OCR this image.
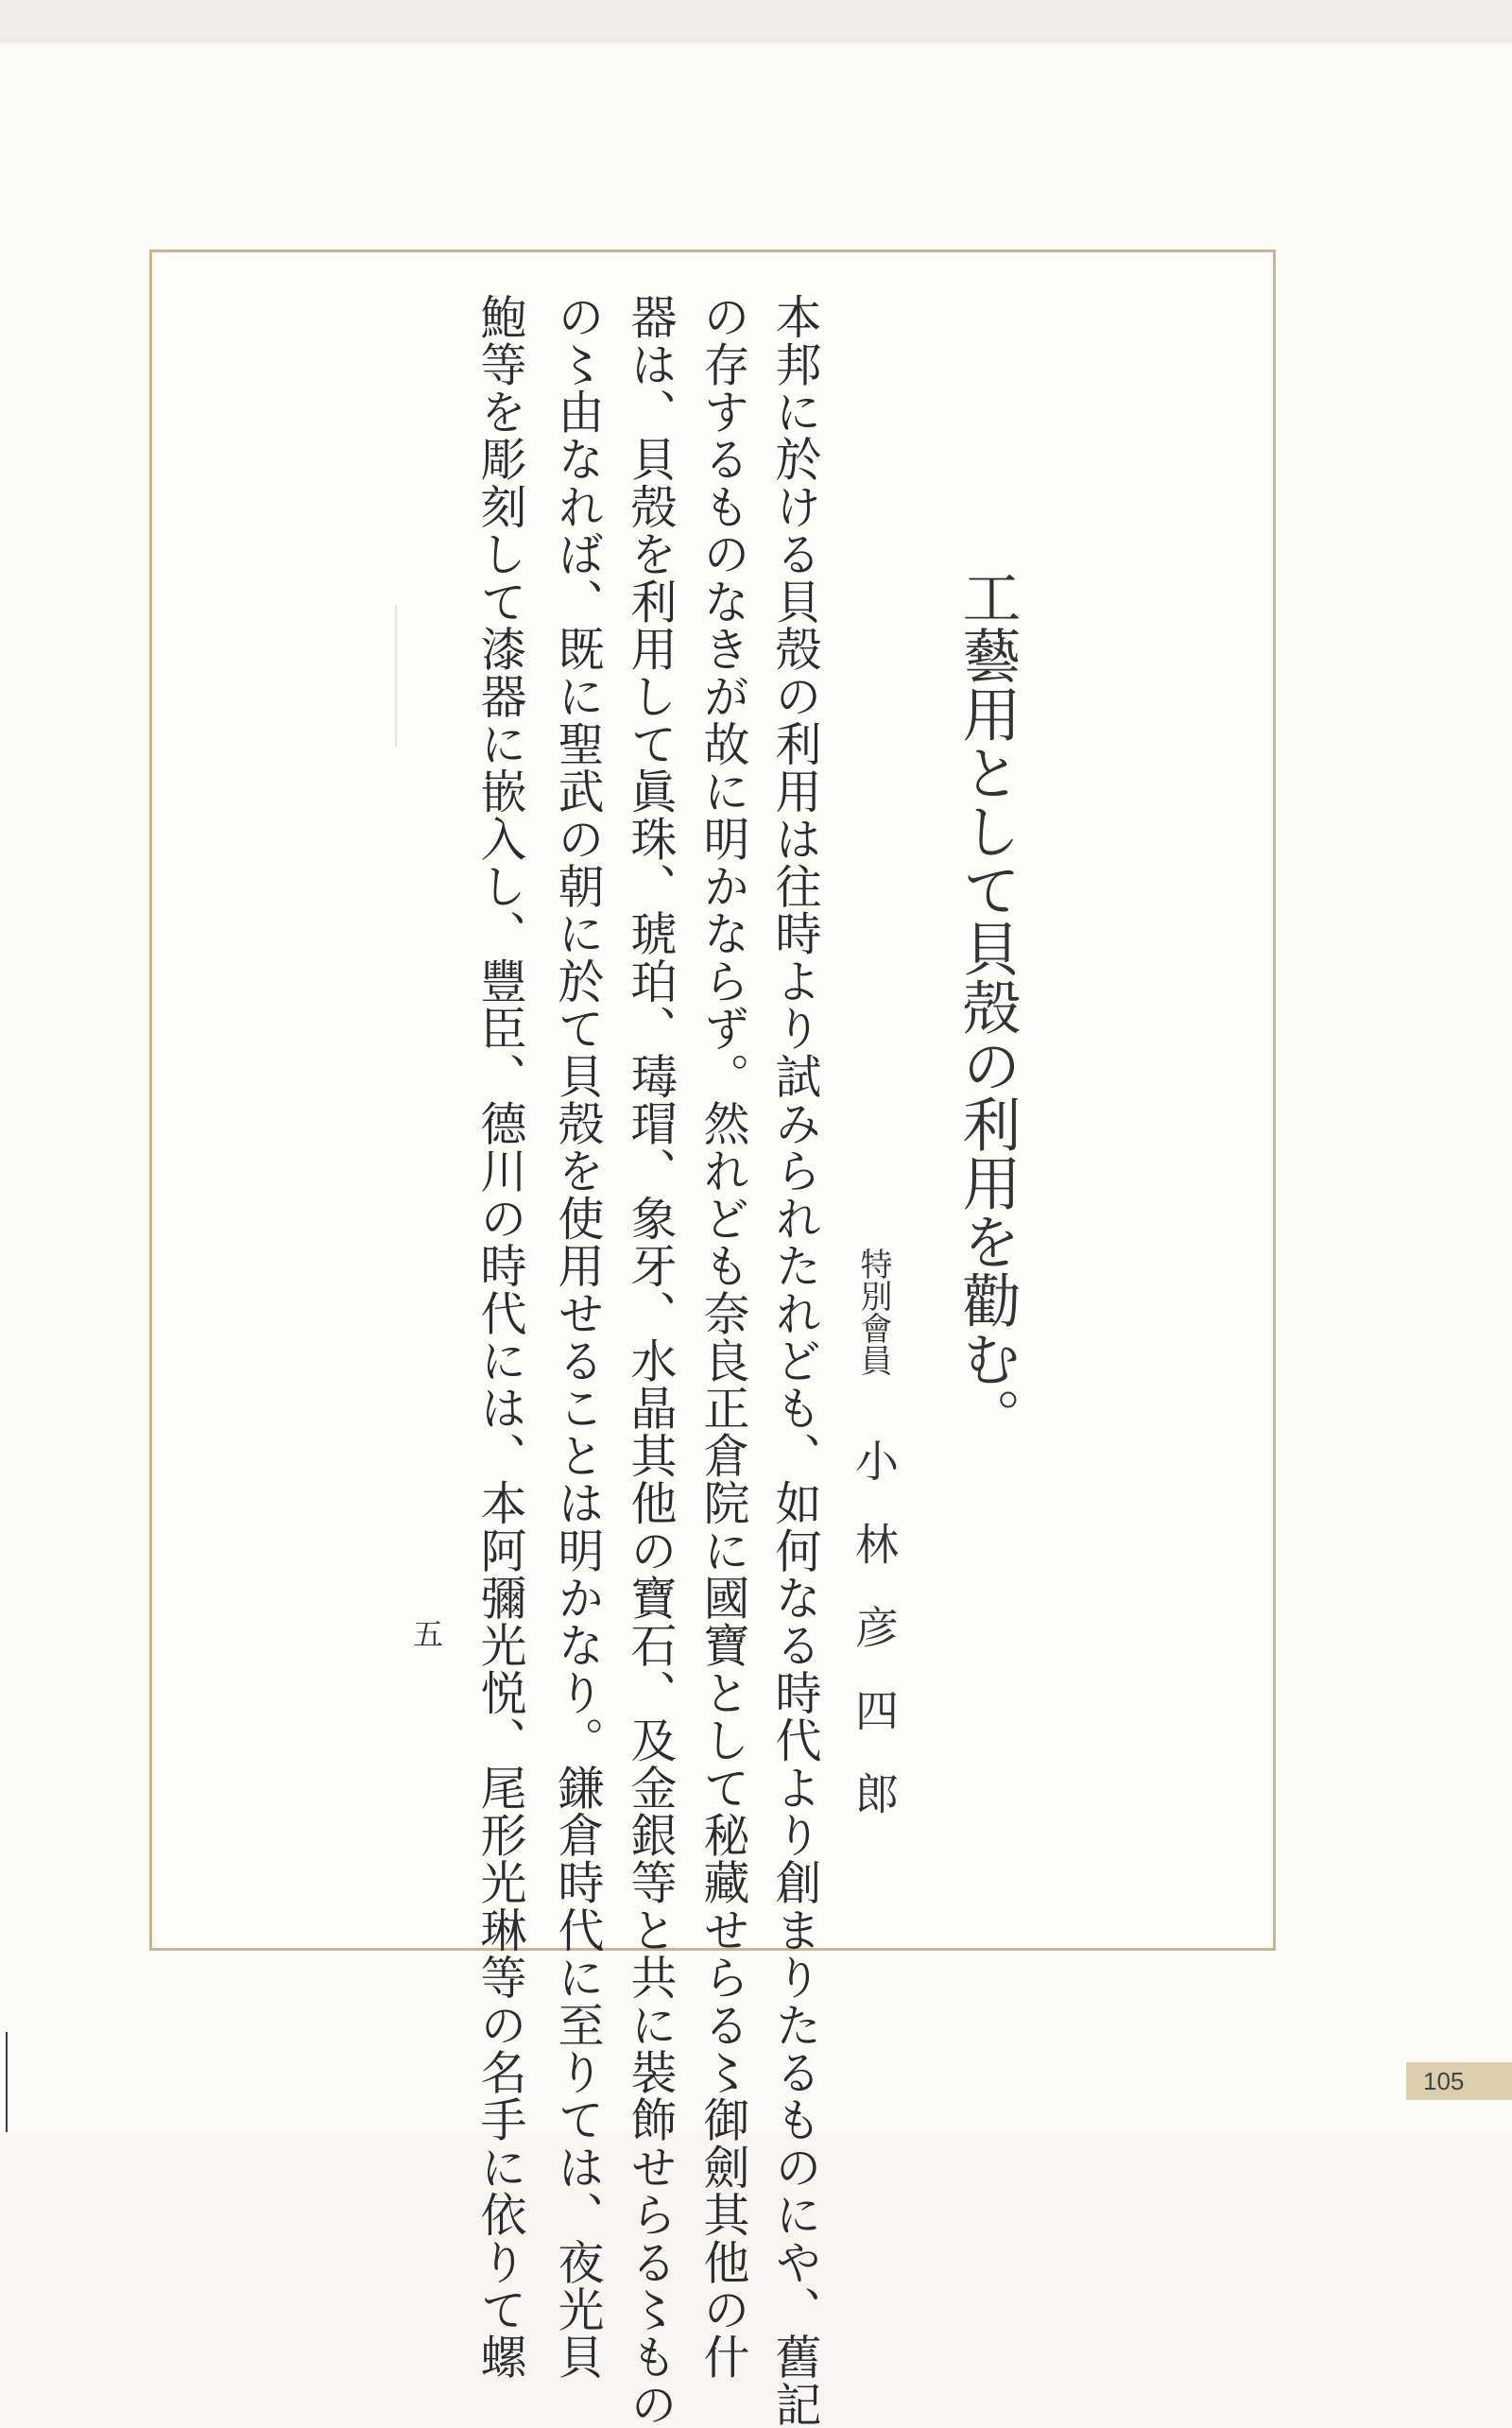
工藝用として貝殻の利用を勸む。
特別會員
小林彦四郎
本邦に於ける貝殻の利用は往時より試みられたれども、如何なる時代より創まりたるものにや、舊記
の存するものなきが故に明かならず。然れども奈良正倉院に國寶として秘藏せらる〻御劍其他の什
器は、貝殻を利用して眞珠、琥珀、瑇瑁、象牙、水晶其他の寶石、及金銀等と共に裝飾せらる〻もの
の〻由なれば、既に聖武の朝に於て貝殻を使用せることは明かなり。鎌倉時代に至りては、夜光貝
鮑等を彫刻して漆器に嵌入し、豐臣、德川の時代には、本阿彌光悦、尾形光琳等の名手に依りて螺
五
105
